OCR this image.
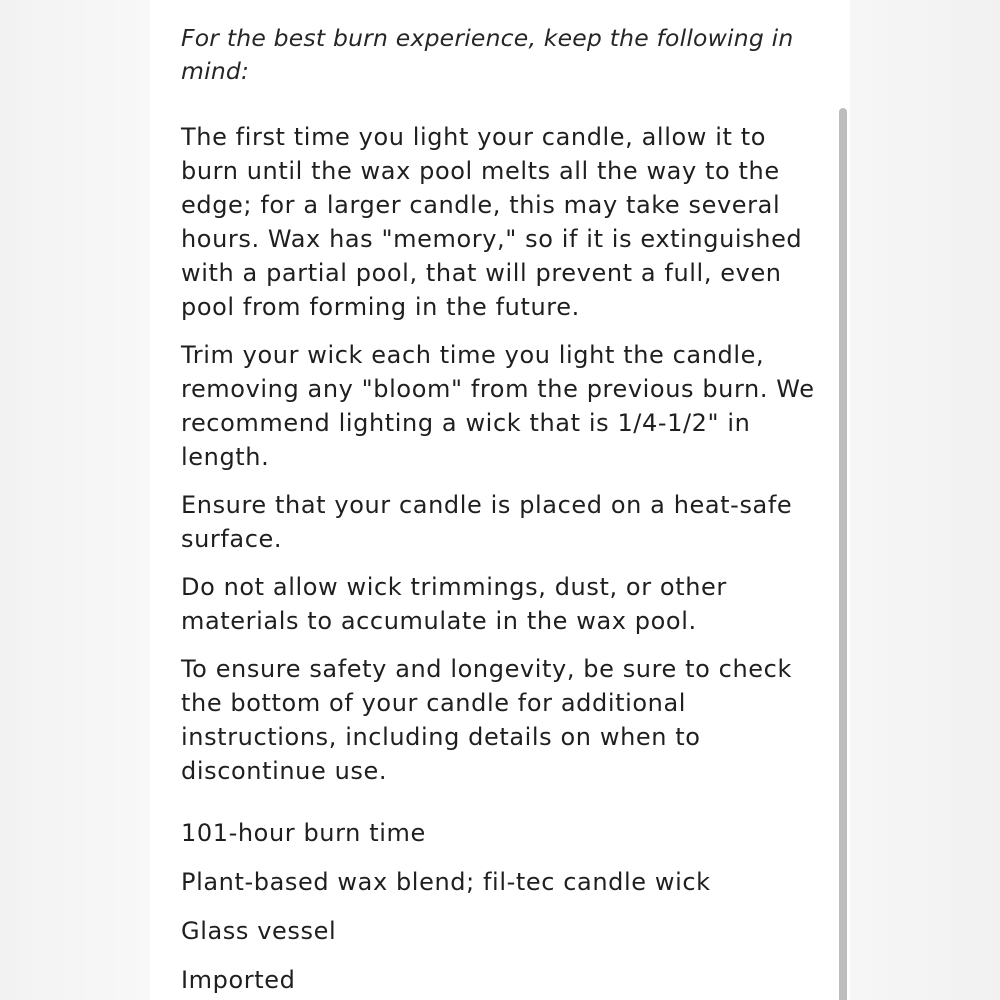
For the best burn experience, keep the following in mind:

The first time you light your candle, allow it to burn until the wax pool melts all the way to the edge; for a larger candle, this may take several hours. Wax has "memory," so if it is extinguished with a partial pool, that will prevent a full, even pool from forming in the future.

Trim your wick each time you light the candle, removing any "bloom" from the previous burn. We recommend lighting a wick that is 1/4-1/2" in length.

Ensure that your candle is placed on a heat-safe surface.

Do not allow wick trimmings, dust, or other materials to accumulate in the wax pool.

To ensure safety and longevity, be sure to check the bottom of your candle for additional instructions, including details on when to discontinue use.

101-hour burn time

Plant-based wax blend; fil-tec candle wick

Glass vessel

Imported
